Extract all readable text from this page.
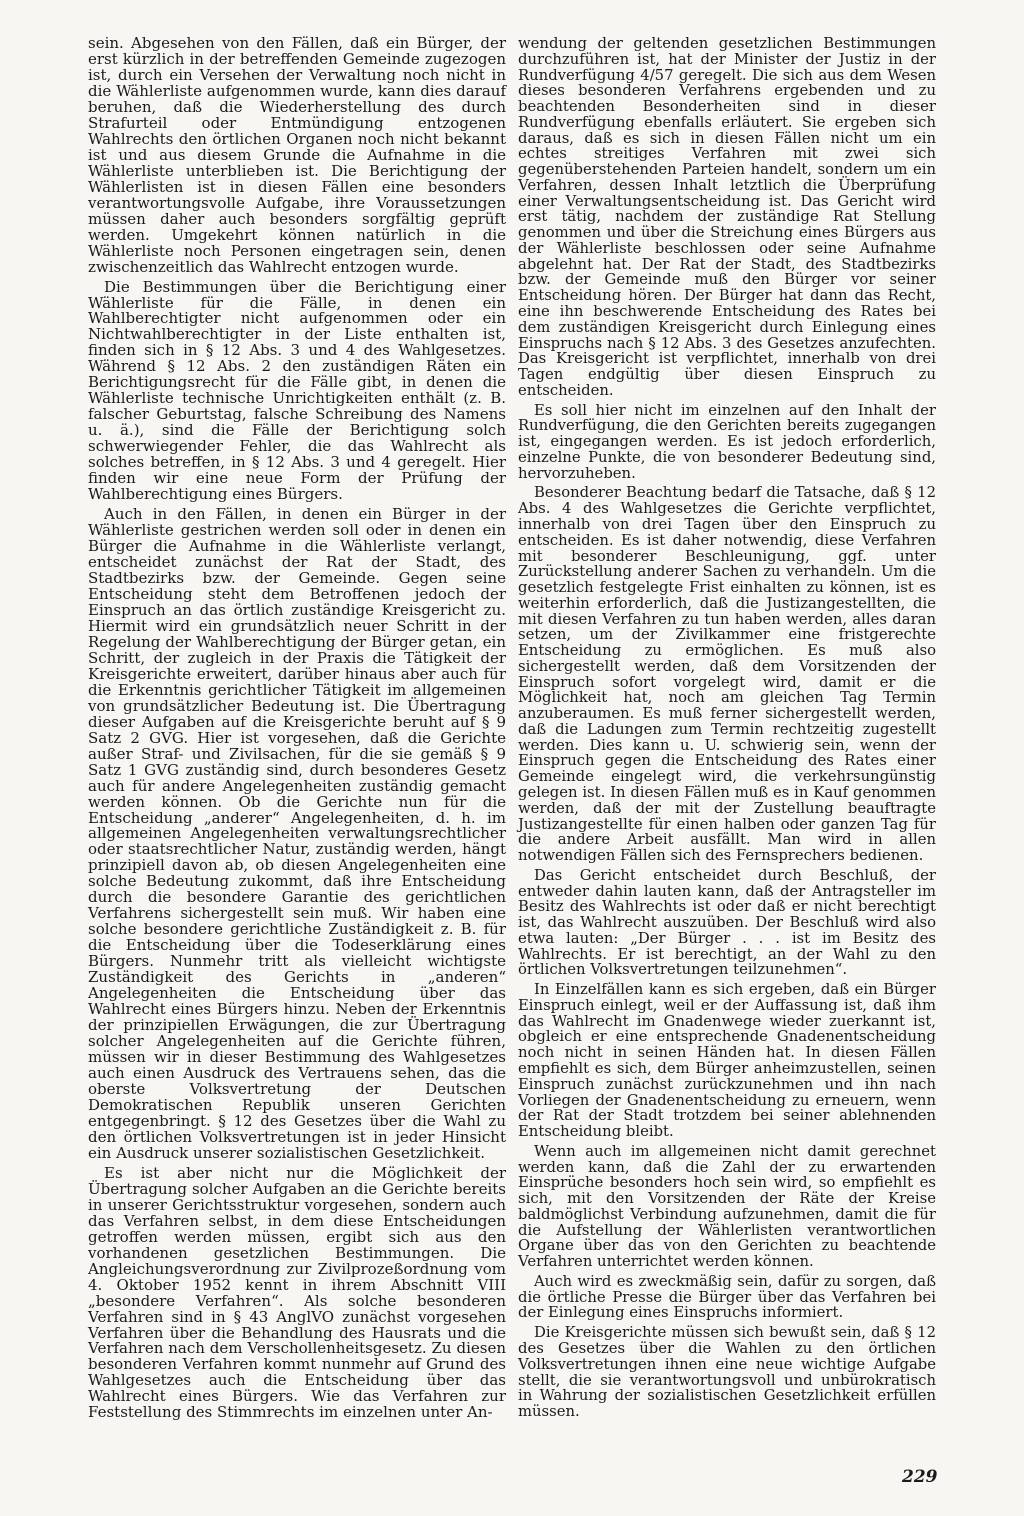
sein. Abgesehen von den Fällen, daß ein Bürger, der erst kürzlich in der betreffenden Gemeinde zugezogen ist, durch ein Versehen der Verwaltung noch nicht in die Wählerliste aufgenommen wurde, kann dies darauf beruhen, daß die Wiederherstellung des durch Strafurteil oder Entmündigung entzogenen Wahlrechts den örtlichen Organen noch nicht bekannt ist und aus diesem Grunde die Aufnahme in die Wählerliste unterblieben ist. Die Berichtigung der Wählerlisten ist in diesen Fällen eine besonders verantwortungsvolle Aufgabe, ihre Voraussetzungen müssen daher auch besonders sorgfältig geprüft werden. Umgekehrt können natürlich in die Wählerliste noch Personen eingetragen sein, denen zwischenzeitlich das Wahlrecht entzogen wurde.

Die Bestimmungen über die Berichtigung einer Wählerliste für die Fälle, in denen ein Wahlberechtigter nicht aufgenommen oder ein Nichtwahlberechtigter in der Liste enthalten ist, finden sich in § 12 Abs. 3 und 4 des Wahlgesetzes. Während § 12 Abs. 2 den zuständigen Räten ein Berichtigungsrecht für die Fälle gibt, in denen die Wählerliste technische Unrichtigkeiten enthält (z. B. falscher Geburtstag, falsche Schreibung des Namens u. ä.), sind die Fälle der Berichtigung solch schwerwiegender Fehler, die das Wahlrecht als solches betreffen, in § 12 Abs. 3 und 4 geregelt. Hier finden wir eine neue Form der Prüfung der Wahlberechtigung eines Bürgers.

Auch in den Fällen, in denen ein Bürger in der Wählerliste gestrichen werden soll oder in denen ein Bürger die Aufnahme in die Wählerliste verlangt, entscheidet zunächst der Rat der Stadt, des Stadtbezirks bzw. der Gemeinde. Gegen seine Entscheidung steht dem Betroffenen jedoch der Einspruch an das örtlich zuständige Kreisgericht zu. Hiermit wird ein grundsätzlich neuer Schritt in der Regelung der Wahlberechtigung der Bürger getan, ein Schritt, der zugleich in der Praxis die Tätigkeit der Kreisgerichte erweitert, darüber hinaus aber auch für die Erkenntnis gerichtlicher Tätigkeit im allgemeinen von grundsätzlicher Bedeutung ist. Die Übertragung dieser Aufgaben auf die Kreisgerichte beruht auf § 9 Satz 2 GVG. Hier ist vorgesehen, daß die Gerichte außer Straf- und Zivilsachen, für die sie gemäß § 9 Satz 1 GVG zuständig sind, durch besonderes Gesetz auch für andere Angelegenheiten zuständig gemacht werden können. Ob die Gerichte nun für die Entscheidung „anderer“ Angelegenheiten, d. h. im allgemeinen Angelegenheiten verwaltungsrechtlicher oder staatsrechtlicher Natur, zuständig werden, hängt prinzipiell davon ab, ob diesen Angelegenheiten eine solche Bedeutung zukommt, daß ihre Entscheidung durch die besondere Garantie des gerichtlichen Verfahrens sichergestellt sein muß. Wir haben eine solche besondere gerichtliche Zuständigkeit z. B. für die Entscheidung über die Todeserklärung eines Bürgers. Nunmehr tritt als vielleicht wichtigste Zuständigkeit des Gerichts in „anderen“ Angelegenheiten die Entscheidung über das Wahlrecht eines Bürgers hinzu. Neben der Erkenntnis der prinzipiellen Erwägungen, die zur Übertragung solcher Angelegenheiten auf die Gerichte führen, müssen wir in dieser Bestimmung des Wahlgesetzes auch einen Ausdruck des Vertrauens sehen, das die oberste Volksvertretung der Deutschen Demokratischen Republik unseren Gerichten entgegenbringt. § 12 des Gesetzes über die Wahl zu den örtlichen Volksvertretungen ist in jeder Hinsicht ein Ausdruck unserer sozialistischen Gesetzlichkeit.

Es ist aber nicht nur die Möglichkeit der Übertragung solcher Aufgaben an die Gerichte bereits in unserer Gerichtsstruktur vorgesehen, sondern auch das Verfahren selbst, in dem diese Entscheidungen getroffen werden müssen, ergibt sich aus den vorhandenen gesetzlichen Bestimmungen. Die Angleichungsverordnung zur Zivilprozeßordnung vom 4. Oktober 1952 kennt in ihrem Abschnitt VIII „besondere Verfahren“. Als solche besonderen Verfahren sind in § 43 AnglVO zunächst vorgesehen Verfahren über die Behandlung des Hausrats und die Verfahren nach dem Verschollenheitsgesetz. Zu diesen besonderen Verfahren kommt nunmehr auf Grund des Wahlgesetzes auch die Entscheidung über das Wahlrecht eines Bürgers. Wie das Verfahren zur Feststellung des Stimmrechts im einzelnen unter An-

wendung der geltenden gesetzlichen Bestimmungen durchzuführen ist, hat der Minister der Justiz in der Rundverfügung 4/57 geregelt. Die sich aus dem Wesen dieses besonderen Verfahrens ergebenden und zu beachtenden Besonderheiten sind in dieser Rundverfügung ebenfalls erläutert. Sie ergeben sich daraus, daß es sich in diesen Fällen nicht um ein echtes streitiges Verfahren mit zwei sich gegenüberstehenden Parteien handelt, sondern um ein Verfahren, dessen Inhalt letztlich die Überprüfung einer Verwaltungsentscheidung ist. Das Gericht wird erst tätig, nachdem der zuständige Rat Stellung genommen und über die Streichung eines Bürgers aus der Wählerliste beschlossen oder seine Aufnahme abgelehnt hat. Der Rat der Stadt, des Stadtbezirks bzw. der Gemeinde muß den Bürger vor seiner Entscheidung hören. Der Bürger hat dann das Recht, eine ihn beschwerende Entscheidung des Rates bei dem zuständigen Kreisgericht durch Einlegung eines Einspruchs nach § 12 Abs. 3 des Gesetzes anzufechten. Das Kreisgericht ist verpflichtet, innerhalb von drei Tagen endgültig über diesen Einspruch zu entscheiden.

Es soll hier nicht im einzelnen auf den Inhalt der Rundverfügung, die den Gerichten bereits zugegangen ist, eingegangen werden. Es ist jedoch erforderlich, einzelne Punkte, die von besonderer Bedeutung sind, hervorzuheben.

Besonderer Beachtung bedarf die Tatsache, daß § 12 Abs. 4 des Wahlgesetzes die Gerichte verpflichtet, innerhalb von drei Tagen über den Einspruch zu entscheiden. Es ist daher notwendig, diese Verfahren mit besonderer Beschleunigung, ggf. unter Zurückstellung anderer Sachen zu verhandeln. Um die gesetzlich festgelegte Frist einhalten zu können, ist es weiterhin erforderlich, daß die Justizangestellten, die mit diesen Verfahren zu tun haben werden, alles daran setzen, um der Zivilkammer eine fristgerechte Entscheidung zu ermöglichen. Es muß also sichergestellt werden, daß dem Vorsitzenden der Einspruch sofort vorgelegt wird, damit er die Möglichkeit hat, noch am gleichen Tag Termin anzuberaumen. Es muß ferner sichergestellt werden, daß die Ladungen zum Termin rechtzeitig zugestellt werden. Dies kann u. U. schwierig sein, wenn der Einspruch gegen die Entscheidung des Rates einer Gemeinde eingelegt wird, die verkehrsungünstig gelegen ist. In diesen Fällen muß es in Kauf genommen werden, daß der mit der Zustellung beauftragte Justizangestellte für einen halben oder ganzen Tag für die andere Arbeit ausfällt. Man wird in allen notwendigen Fällen sich des Fernsprechers bedienen.

Das Gericht entscheidet durch Beschluß, der entweder dahin lauten kann, daß der Antragsteller im Besitz des Wahlrechts ist oder daß er nicht berechtigt ist, das Wahlrecht auszuüben. Der Beschluß wird also etwa lauten: „Der Bürger . . . ist im Besitz des Wahlrechts. Er ist berechtigt, an der Wahl zu den örtlichen Volksvertretungen teilzunehmen“.

In Einzelfällen kann es sich ergeben, daß ein Bürger Einspruch einlegt, weil er der Auffassung ist, daß ihm das Wahlrecht im Gnadenwege wieder zuerkannt ist, obgleich er eine entsprechende Gnadenentscheidung noch nicht in seinen Händen hat. In diesen Fällen empfiehlt es sich, dem Bürger anheimzustellen, seinen Einspruch zunächst zurückzunehmen und ihn nach Vorliegen der Gnadenentscheidung zu erneuern, wenn der Rat der Stadt trotzdem bei seiner ablehnenden Entscheidung bleibt.

Wenn auch im allgemeinen nicht damit gerechnet werden kann, daß die Zahl der zu erwartenden Einsprüche besonders hoch sein wird, so empfiehlt es sich, mit den Vorsitzenden der Räte der Kreise baldmöglichst Verbindung aufzunehmen, damit die für die Aufstellung der Wählerlisten verantwortlichen Organe über das von den Gerichten zu beachtende Verfahren unterrichtet werden können.

Auch wird es zweckmäßig sein, dafür zu sorgen, daß die örtliche Presse die Bürger über das Verfahren bei der Einlegung eines Einspruchs informiert.

Die Kreisgerichte müssen sich bewußt sein, daß § 12 des Gesetzes über die Wahlen zu den örtlichen Volksvertretungen ihnen eine neue wichtige Aufgabe stellt, die sie verantwortungsvoll und unbürokratisch in Wahrung der sozialistischen Gesetzlichkeit erfüllen müssen.

229
